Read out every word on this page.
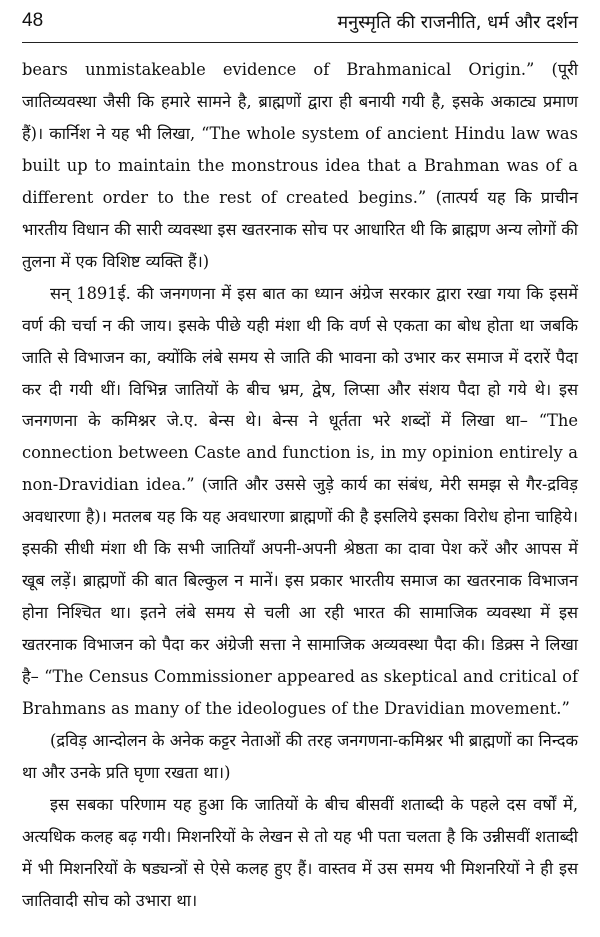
48	मनुस्मृति की राजनीति, धर्म और दर्शन

bears unmistakeable evidence of Brahmanical Origin.” (पूरी जातिव्यवस्था जैसी कि हमारे सामने है, ब्राह्मणों द्वारा ही बनायी गयी है, इसके अकाट्य प्रमाण हैं)। कार्निश ने यह भी लिखा, “The whole system of ancient Hindu law was built up to maintain the monstrous idea that a Brahman was of a different order to the rest of created begins.” (तात्पर्य यह कि प्राचीन भारतीय विधान की सारी व्यवस्था इस खतरनाक सोच पर आधारित थी कि ब्राह्मण अन्य लोगों की तुलना में एक विशिष्ट व्यक्ति हैं।)

सन् 1891ई. की जनगणना में इस बात का ध्यान अंग्रेज सरकार द्वारा रखा गया कि इसमें वर्ण की चर्चा न की जाय। इसके पीछे यही मंशा थी कि वर्ण से एकता का बोध होता था जबकि जाति से विभाजन का, क्योंकि लंबे समय से जाति की भावना को उभार कर समाज में दरारें पैदा कर दी गयी थीं। विभिन्न जातियों के बीच भ्रम, द्वेष, लिप्सा और संशय पैदा हो गये थे। इस जनगणना के कमिश्नर जे.ए. बेन्स थे। बेन्स ने धूर्तता भरे शब्दों में लिखा था– “The connection between Caste and function is, in my opinion entirely a non-Dravidian idea.” (जाति और उससे जुड़े कार्य का संबंध, मेरी समझ से गैर-द्रविड़ अवधारणा है)। मतलब यह कि यह अवधारणा ब्राह्मणों की है इसलिये इसका विरोध होना चाहिये। इसकी सीधी मंशा थी कि सभी जातियाँ अपनी-अपनी श्रेष्ठता का दावा पेश करें और आपस में खूब लड़ें। ब्राह्मणों की बात बिल्कुल न मानें। इस प्रकार भारतीय समाज का खतरनाक विभाजन होना निश्चित था। इतने लंबे समय से चली आ रही भारत की सामाजिक व्यवस्था में इस खतरनाक विभाजन को पैदा कर अंग्रेजी सत्ता ने सामाजिक अव्यवस्था पैदा की। डिक्र्स ने लिखा है– “The Census Commissioner appeared as skeptical and critical of Brahmans as many of the ideologues of the Dravidian movement.”

(द्रविड़ आन्दोलन के अनेक कट्टर नेताओं की तरह जनगणना-कमिश्नर भी ब्राह्मणों का निन्दक था और उनके प्रति घृणा रखता था।)

इस सबका परिणाम यह हुआ कि जातियों के बीच बीसवीं शताब्दी के पहले दस वर्षों में, अत्यधिक कलह बढ़ गयी। मिशनरियों के लेखन से तो यह भी पता चलता है कि उन्नीसवीं शताब्दी में भी मिशनरियों के षड्यन्त्रों से ऐसे कलह हुए हैं। वास्तव में उस समय भी मिशनरियों ने ही इस जातिवादी सोच को उभारा था।
